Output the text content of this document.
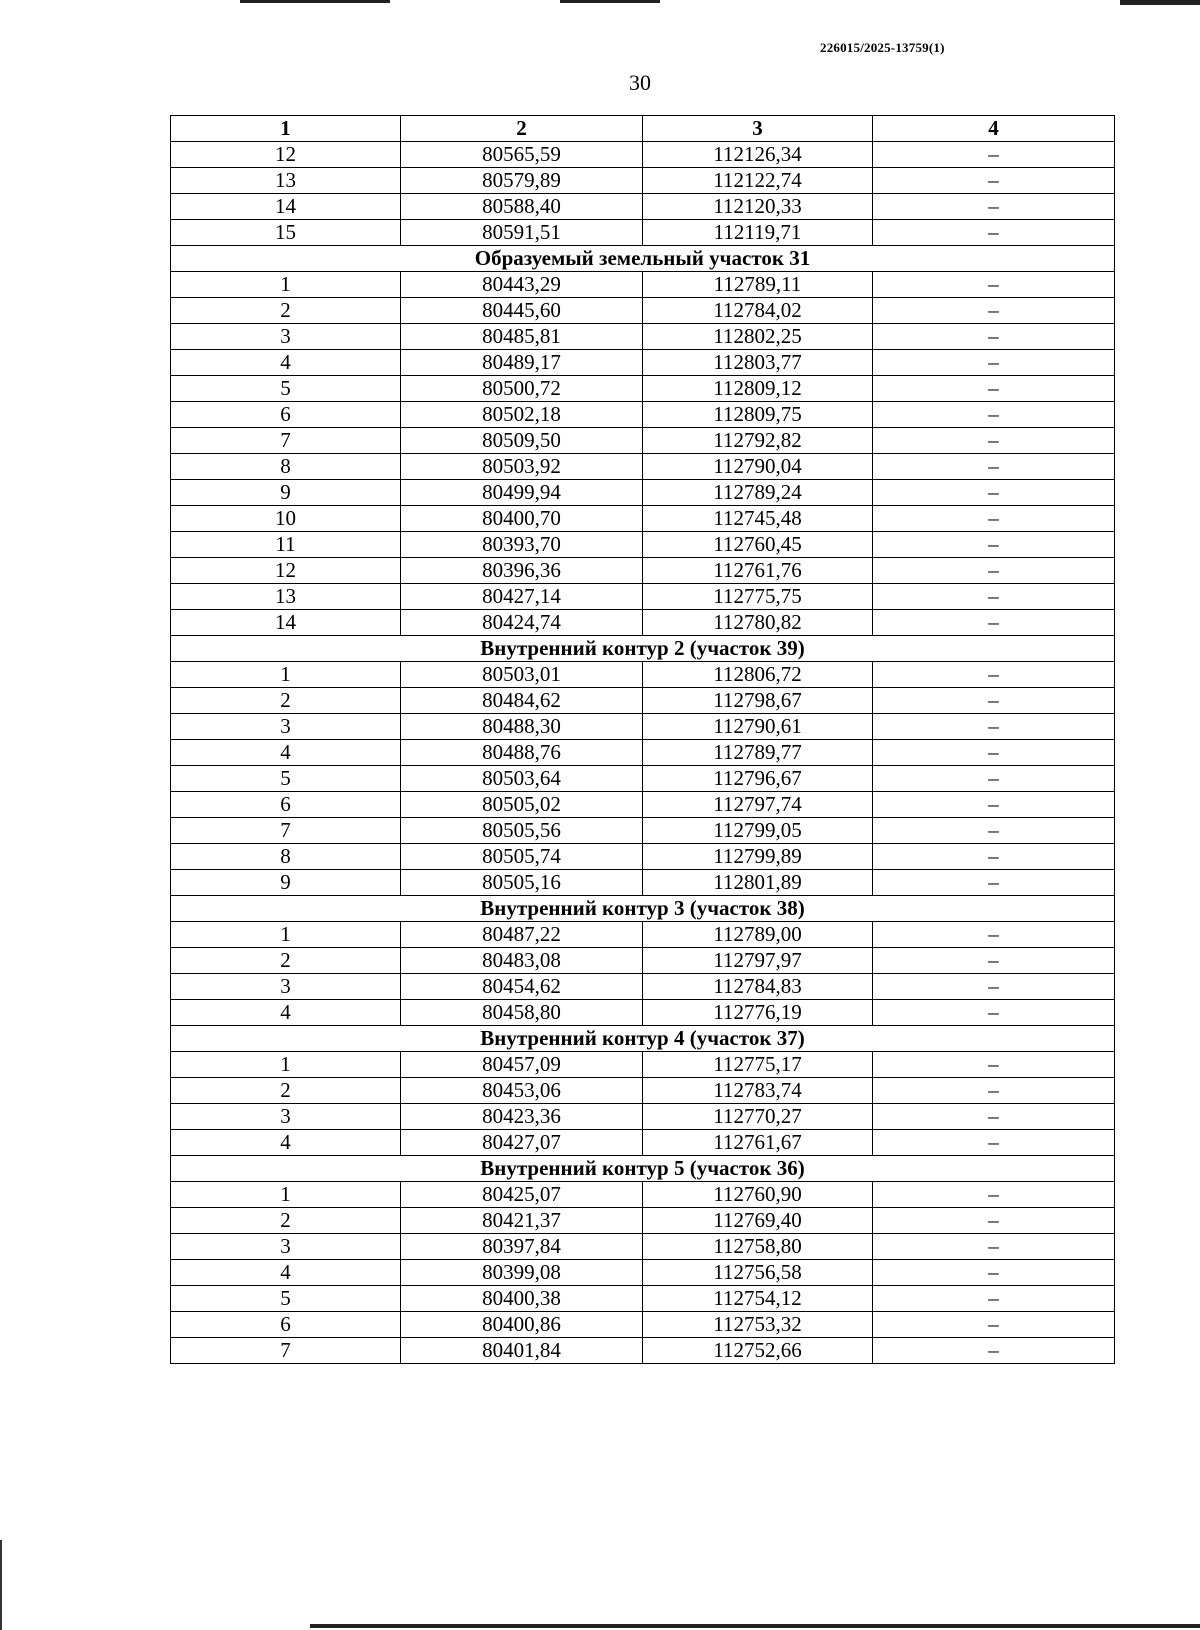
226015/2025-13759(1)
30
1	2	3	4
12	80565,59	112126,34	–
13	80579,89	112122,74	–
14	80588,40	112120,33	–
15	80591,51	112119,71	–
Образуемый земельный участок 31			
1	80443,29	112789,11	–
2	80445,60	112784,02	–
3	80485,81	112802,25	–
4	80489,17	112803,77	–
5	80500,72	112809,12	–
6	80502,18	112809,75	–
7	80509,50	112792,82	–
8	80503,92	112790,04	–
9	80499,94	112789,24	–
10	80400,70	112745,48	–
11	80393,70	112760,45	–
12	80396,36	112761,76	–
13	80427,14	112775,75	–
14	80424,74	112780,82	–
Внутренний контур 2 (участок 39)			
1	80503,01	112806,72	–
2	80484,62	112798,67	–
3	80488,30	112790,61	–
4	80488,76	112789,77	–
5	80503,64	112796,67	–
6	80505,02	112797,74	–
7	80505,56	112799,05	–
8	80505,74	112799,89	–
9	80505,16	112801,89	–
Внутренний контур 3 (участок 38)			
1	80487,22	112789,00	–
2	80483,08	112797,97	–
3	80454,62	112784,83	–
4	80458,80	112776,19	–
Внутренний контур 4 (участок 37)			
1	80457,09	112775,17	–
2	80453,06	112783,74	–
3	80423,36	112770,27	–
4	80427,07	112761,67	–
Внутренний контур 5 (участок 36)			
1	80425,07	112760,90	–
2	80421,37	112769,40	–
3	80397,84	112758,80	–
4	80399,08	112756,58	–
5	80400,38	112754,12	–
6	80400,86	112753,32	–
7	80401,84	112752,66	–
